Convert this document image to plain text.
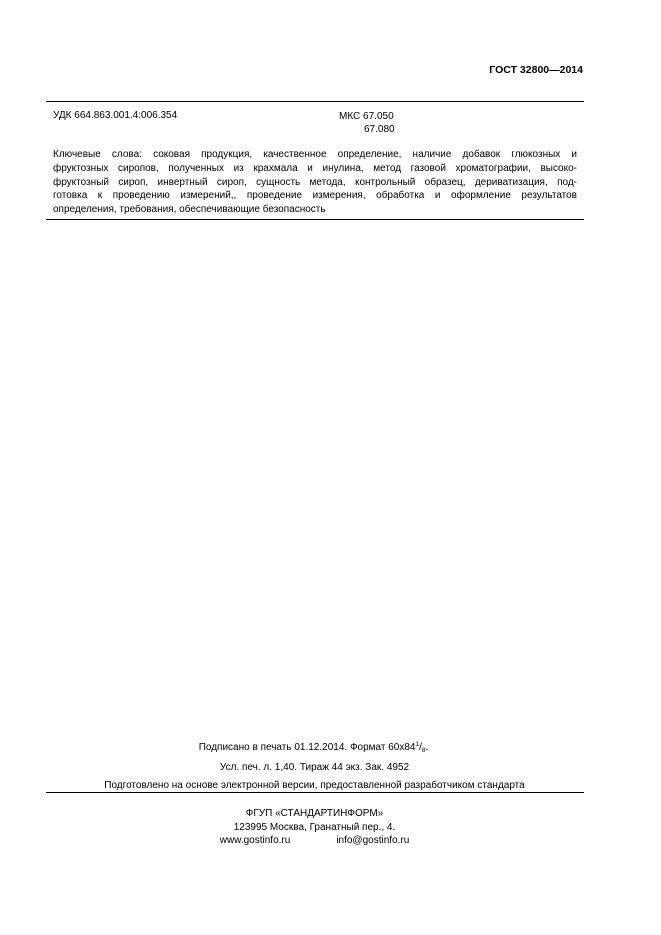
ГОСТ 32800—2014
УДК 664.863.001.4:006.354	МКС 67.050
67.080
Ключевые слова: соковая продукция, качественное определение, наличие добавок глюкозных и
фруктозных сиропов, полученных из крахмала и инулина, метод газовой хроматографии, высоко-
фруктозный сироп, инвертный сироп, сущность метода, контрольный образец, дериватизация, под-
готовка к проведению измерений,, проведение измерения, обработка и оформление результатов
определения, требования, обеспечивающие безопасность
Подписано в печать 01.12.2014. Формат $60x84^1/_8$.
Усл. печ. л. 1,40. Тираж 44 экз. Зак. 4952
Подготовлено на основе электронной версии, предоставленной разработчиком стандарта
ФГУП «СТАНДАРТИНФОРМ»
123995 Москва, Гранатный пер., 4.
www.gostinfo.ru	info@gostinfo.ru
